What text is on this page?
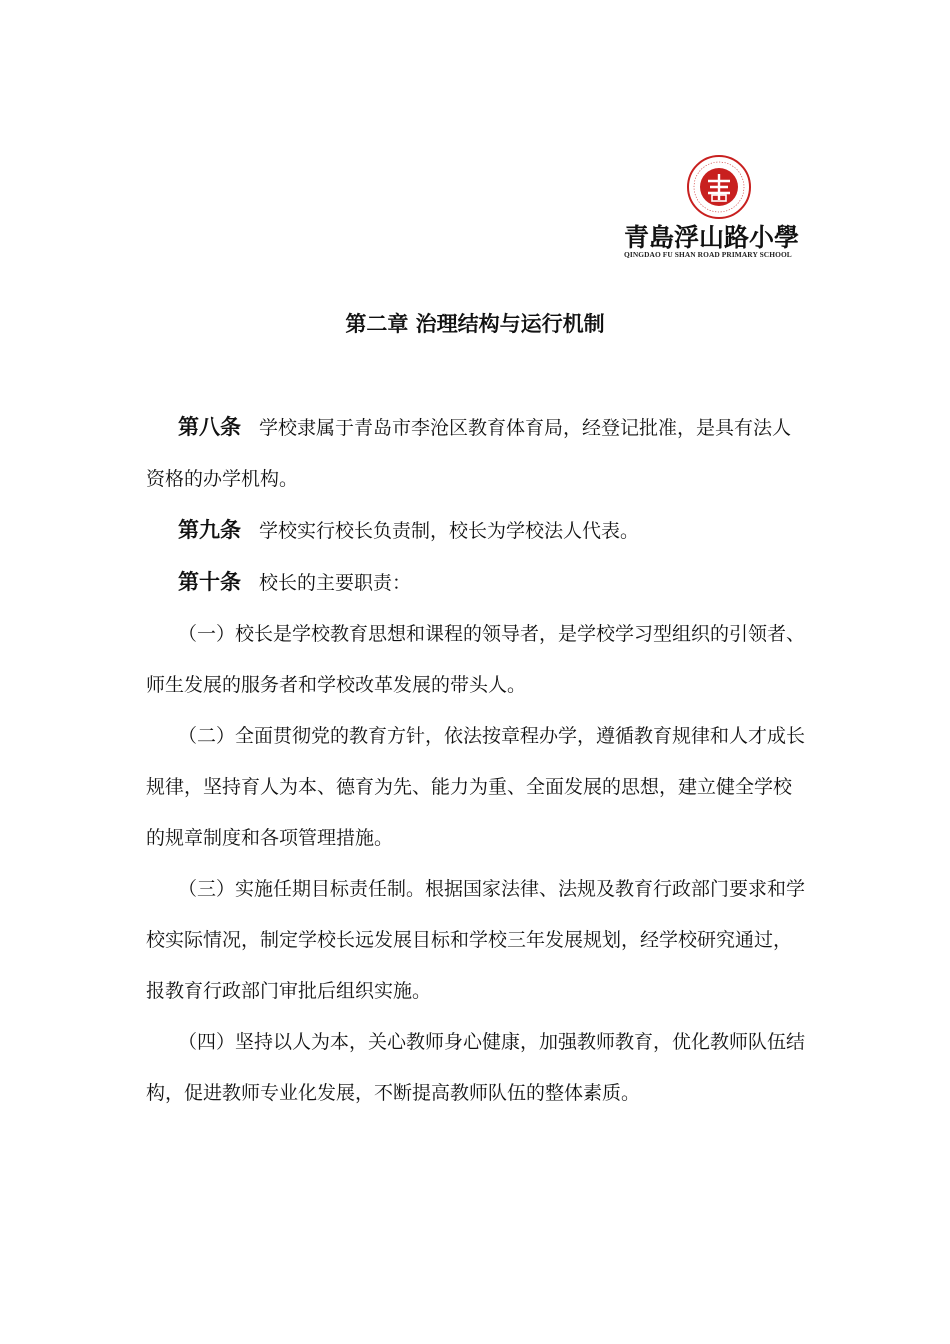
青島浮山路小學
QINGDAO FU SHAN ROAD PRIMARY SCHOOL
第二章 治理结构与运行机制

第八条 学校隶属于青岛市李沧区教育体育局，经登记批准，是具有法人资格的办学机构。

第九条 学校实行校长负责制，校长为学校法人代表。

第十条 校长的主要职责：

（一）校长是学校教育思想和课程的领导者，是学校学习型组织的引领者、师生发展的服务者和学校改革发展的带头人。

（二）全面贯彻党的教育方针，依法按章程办学，遵循教育规律和人才成长规律，坚持育人为本、德育为先、能力为重、全面发展的思想，建立健全学校的规章制度和各项管理措施。

（三）实施任期目标责任制。根据国家法律、法规及教育行政部门要求和学校实际情况，制定学校长远发展目标和学校三年发展规划，经学校研究通过，报教育行政部门审批后组织实施。

（四）坚持以人为本，关心教师身心健康，加强教师教育，优化教师队伍结构，促进教师专业化发展，不断提高教师队伍的整体素质。
